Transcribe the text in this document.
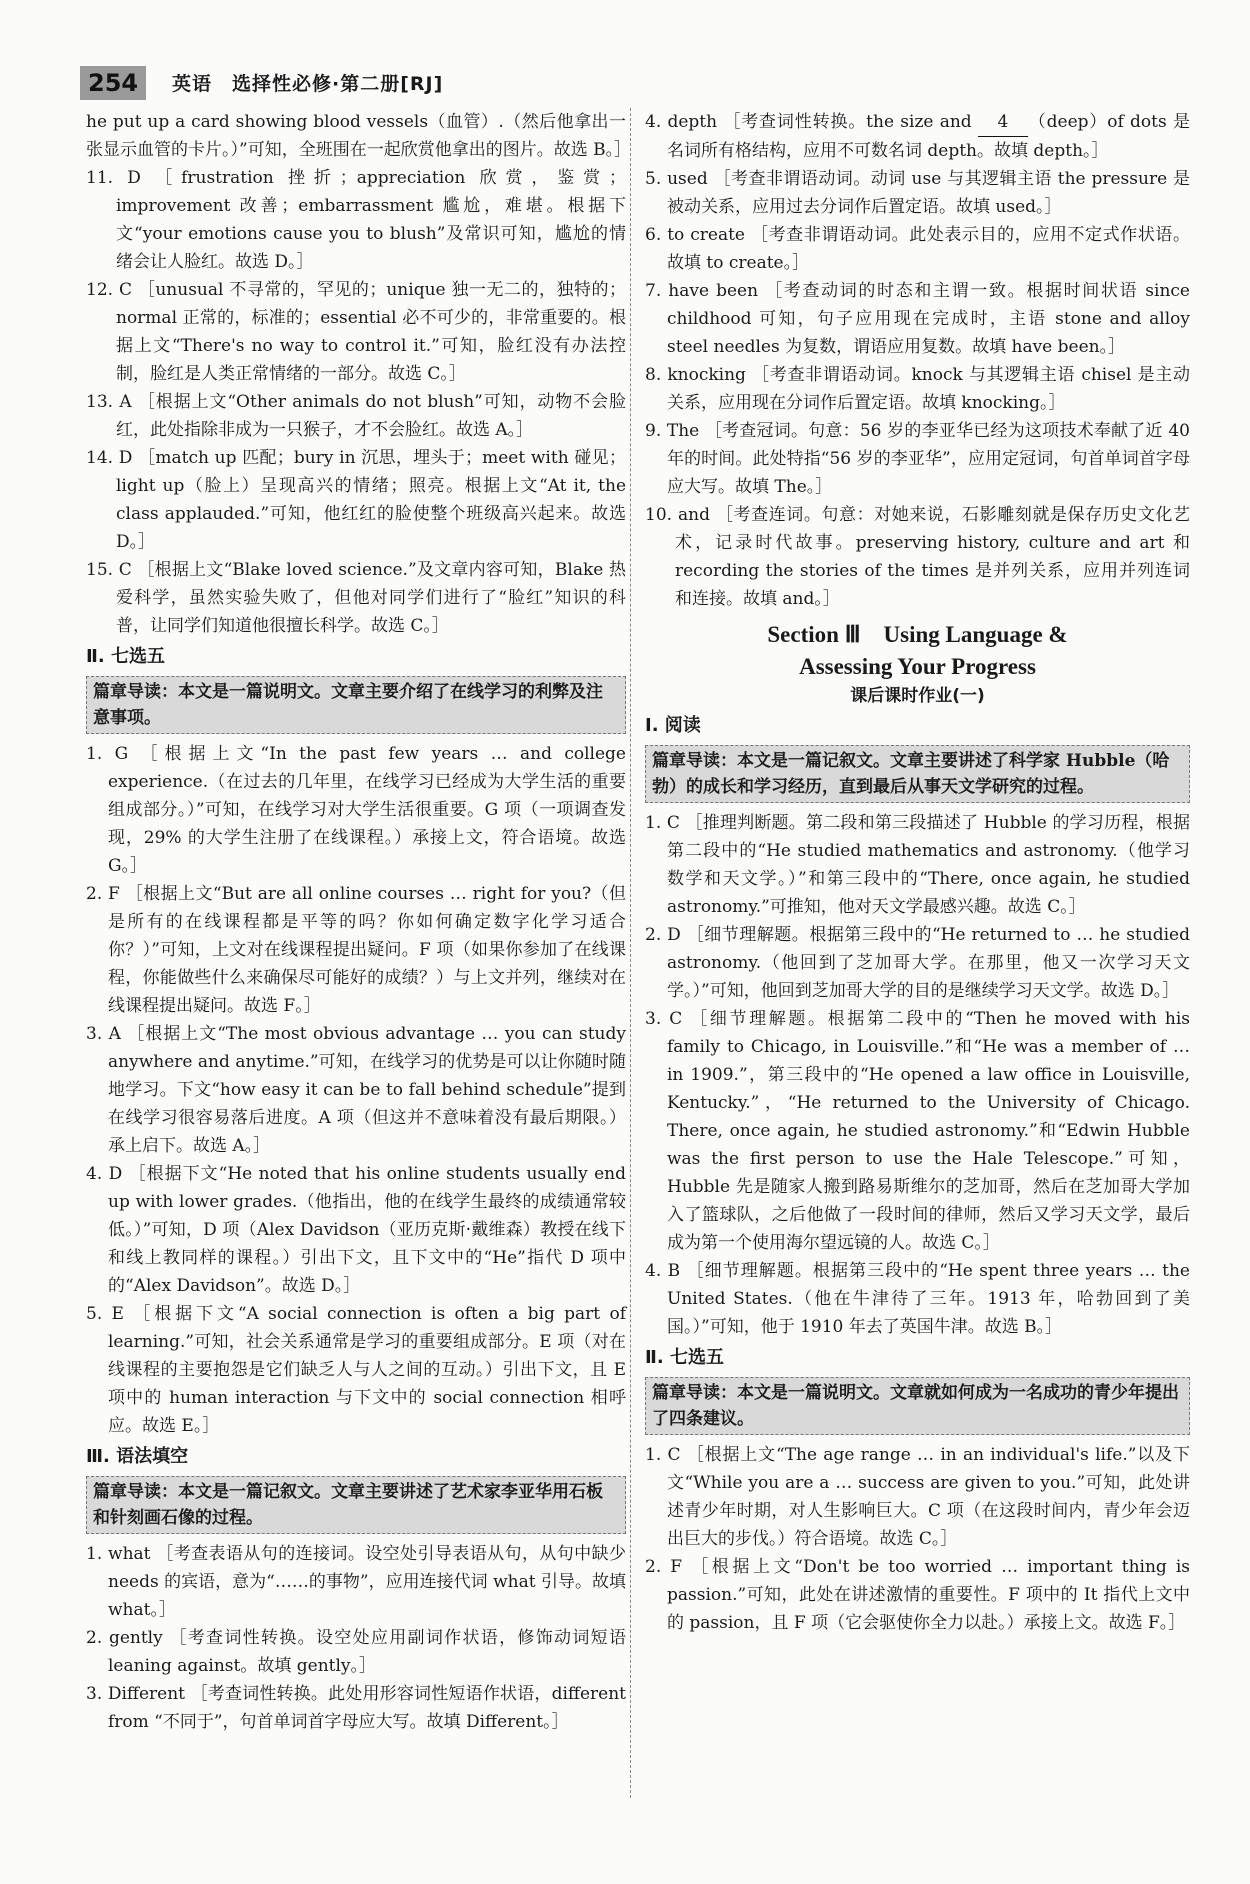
254	英语　选择性必修·第二册[RJ]

he put up a card showing blood vessels（血管）.（然后他拿出一张显示血管的卡片。）”可知，全班围在一起欣赏他拿出的图片。故选 B。］

11. D ［frustration 挫折；appreciation 欣赏，鉴赏；improvement 改善；embarrassment 尴尬，难堪。根据下文“your emotions cause you to blush”及常识可知，尴尬的情绪会让人脸红。故选 D。］

12. C ［unusual 不寻常的，罕见的；unique 独一无二的，独特的；normal 正常的，标准的；essential 必不可少的，非常重要的。根据上文“There's no way to control it.”可知，脸红没有办法控制，脸红是人类正常情绪的一部分。故选 C。］

13. A ［根据上文“Other animals do not blush”可知，动物不会脸红，此处指除非成为一只猴子，才不会脸红。故选 A。］

14. D ［match up 匹配；bury in 沉思，埋头于；meet with 碰见；light up（脸上）呈现高兴的情绪；照亮。根据上文“At it, the class applauded.”可知，他红红的脸使整个班级高兴起来。故选 D。］

15. C ［根据上文“Blake loved science.”及文章内容可知，Blake 热爱科学，虽然实验失败了，但他对同学们进行了“脸红”知识的科普，让同学们知道他很擅长科学。故选 C。］

Ⅱ. 七选五
篇章导读：本文是一篇说明文。文章主要介绍了在线学习的利弊及注意事项。

1. G ［根据上文“In the past few years … and college experience.（在过去的几年里，在线学习已经成为大学生活的重要组成部分。）”可知，在线学习对大学生活很重要。G 项（一项调查发现，29% 的大学生注册了在线课程。）承接上文，符合语境。故选 G。］

2. F ［根据上文“But are all online courses … right for you?（但是所有的在线课程都是平等的吗？你如何确定数字化学习适合你？）”可知，上文对在线课程提出疑问。F 项（如果你参加了在线课程，你能做些什么来确保尽可能好的成绩？）与上文并列，继续对在线课程提出疑问。故选 F。］

3. A ［根据上文“The most obvious advantage … you can study anywhere and anytime.”可知，在线学习的优势是可以让你随时随地学习。下文“how easy it can be to fall behind schedule”提到在线学习很容易落后进度。A 项（但这并不意味着没有最后期限。）承上启下。故选 A。］

4. D ［根据下文“He noted that his online students usually end up with lower grades.（他指出，他的在线学生最终的成绩通常较低。）”可知，D 项（Alex Davidson（亚历克斯·戴维森）教授在线下和线上教同样的课程。）引出下文，且下文中的“He”指代 D 项中的“Alex Davidson”。故选 D。］

5. E ［根据下文“A social connection is often a big part of learning.”可知，社会关系通常是学习的重要组成部分。E 项（对在线课程的主要抱怨是它们缺乏人与人之间的互动。）引出下文，且 E 项中的 human interaction 与下文中的 social connection 相呼应。故选 E。］

Ⅲ. 语法填空
篇章导读：本文是一篇记叙文。文章主要讲述了艺术家李亚华用石板和针刻画石像的过程。

1. what ［考查表语从句的连接词。设空处引导表语从句，从句中缺少 needs 的宾语，意为“……的事物”，应用连接代词 what 引导。故填 what。］

2. gently ［考查词性转换。设空处应用副词作状语，修饰动词短语 leaning against。故填 gently。］

3. Different ［考查词性转换。此处用形容词性短语作状语，different from “不同于”，句首单词首字母应大写。故填 Different。］

4. depth ［考查词性转换。the size and 4 （deep）of dots 是名词所有格结构，应用不可数名词 depth。故填 depth。］

5. used ［考查非谓语动词。动词 use 与其逻辑主语 the pressure 是被动关系，应用过去分词作后置定语。故填 used。］

6. to create ［考查非谓语动词。此处表示目的，应用不定式作状语。故填 to create。］

7. have been ［考查动词的时态和主谓一致。根据时间状语 since childhood 可知，句子应用现在完成时，主语 stone and alloy steel needles 为复数，谓语应用复数。故填 have been。］

8. knocking ［考查非谓语动词。knock 与其逻辑主语 chisel 是主动关系，应用现在分词作后置定语。故填 knocking。］

9. The ［考查冠词。句意：56 岁的李亚华已经为这项技术奉献了近 40 年的时间。此处特指“56 岁的李亚华”，应用定冠词，句首单词首字母应大写。故填 The。］

10. and ［考查连词。句意：对她来说，石影雕刻就是保存历史文化艺术，记录时代故事。preserving history, culture and art 和 recording the stories of the times 是并列关系，应用并列连词和连接。故填 and。］

Section Ⅲ　Using Language &
Assessing Your Progress
课后课时作业(一)
Ⅰ. 阅读
篇章导读：本文是一篇记叙文。文章主要讲述了科学家 Hubble（哈勃）的成长和学习经历，直到最后从事天文学研究的过程。

1. C ［推理判断题。第二段和第三段描述了 Hubble 的学习历程，根据第二段中的“He studied mathematics and astronomy.（他学习数学和天文学。）”和第三段中的“There, once again, he studied astronomy.”可推知，他对天文学最感兴趣。故选 C。］

2. D ［细节理解题。根据第三段中的“He returned to … he studied astronomy.（他回到了芝加哥大学。在那里，他又一次学习天文学。）”可知，他回到芝加哥大学的目的是继续学习天文学。故选 D。］

3. C ［细节理解题。根据第二段中的“Then he moved with his family to Chicago, in Louisville.”和“He was a member of … in 1909.”，第三段中的“He opened a law office in Louisville, Kentucky.”，“He returned to the University of Chicago. There, once again, he studied astronomy.”和“Edwin Hubble was the first person to use the Hale Telescope.”可知，Hubble 先是随家人搬到路易斯维尔的芝加哥，然后在芝加哥大学加入了篮球队，之后他做了一段时间的律师，然后又学习天文学，最后成为第一个使用海尔望远镜的人。故选 C。］

4. B ［细节理解题。根据第三段中的“He spent three years … the United States.（他在牛津待了三年。1913 年，哈勃回到了美国。）”可知，他于 1910 年去了英国牛津。故选 B。］

Ⅱ. 七选五
篇章导读：本文是一篇说明文。文章就如何成为一名成功的青少年提出了四条建议。

1. C ［根据上文“The age range … in an individual's life.”以及下文“While you are a … success are given to you.”可知，此处讲述青少年时期，对人生影响巨大。C 项（在这段时间内，青少年会迈出巨大的步伐。）符合语境。故选 C。］

2. F ［根据上文“Don't be too worried … important thing is passion.”可知，此处在讲述激情的重要性。F 项中的 It 指代上文中的 passion，且 F 项（它会驱使你全力以赴。）承接上文。故选 F。］
